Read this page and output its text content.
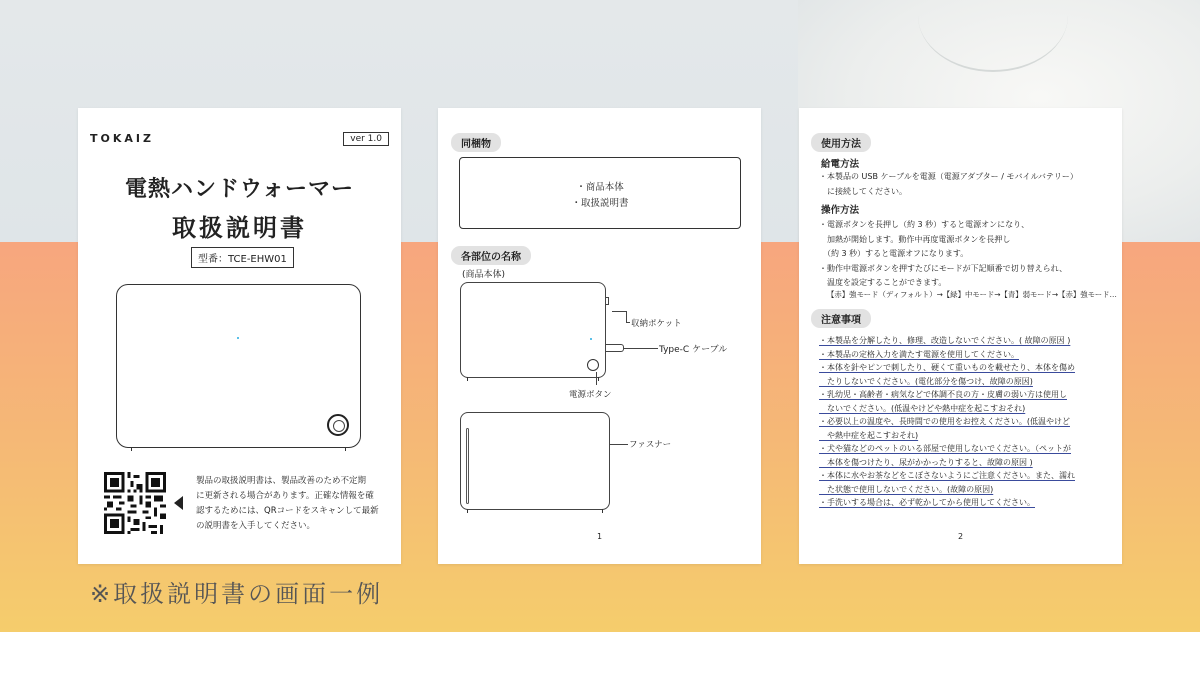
TOKAIZ	ver 1.0
電熱ハンドウォーマー
取扱説明書
型番：TCE-EHW01
製品の取扱説明書は、製品改善のため不定期
に更新される場合があります。正確な情報を確
認するためには、QRコードをスキャンして最新
の説明書を入手してください。
同梱物
・商品本体
・取扱説明書
各部位の名称
(商品本体)
収納ポケット
Type-C ケーブル
電源ボタン
ファスナー
1
使用方法
給電方法
・本製品の USB ケーブルを電源（電源アダプター / モバイルバテリー）
　に接続してください。
操作方法
・電源ボタンを長押し（約 3 秒）すると電源オンになり、
　加熱が開始します。動作中再度電源ボタンを長押し
　（約 3 秒）すると電源オフになります。
・動作中電源ボタンを押すたびにモードが下記順番で切り替えられ、
　温度を設定することができます。
【赤】強モード（ディフォルト）→【緑】中モード→【青】弱モード→【赤】強モード…
注意事項
・本製品を分解したり、修理、改造しないでください。( 故障の原因 )
・本製品の定格入力を満たす電源を使用してください。
・本体を針やピンで刺したり、硬くて重いものを載せたり、本体を傷め
　たりしないでください。(電化部分を傷つけ、故障の原因)
・乳幼児・高齢者・病気などで体調不良の方・皮膚の弱い方は使用し
　ないでください。(低温やけどや熱中症を起こすおそれ)
・必要以上の温度や、長時間での使用をお控えください。(低温やけど
　や熱中症を起こすおそれ)
・犬や猫などのペットのいる部屋で使用しないでください。（ペットが
　本体を傷つけたり、尿がかかったりすると、故障の原因 )
・本体に水やお茶などをこぼさないようにご注意ください。また、濡れ
　た状態で使用しないでください。(故障の原因)
・手洗いする場合は、必ず乾かしてから使用してください。
2
※取扱説明書の画面一例
